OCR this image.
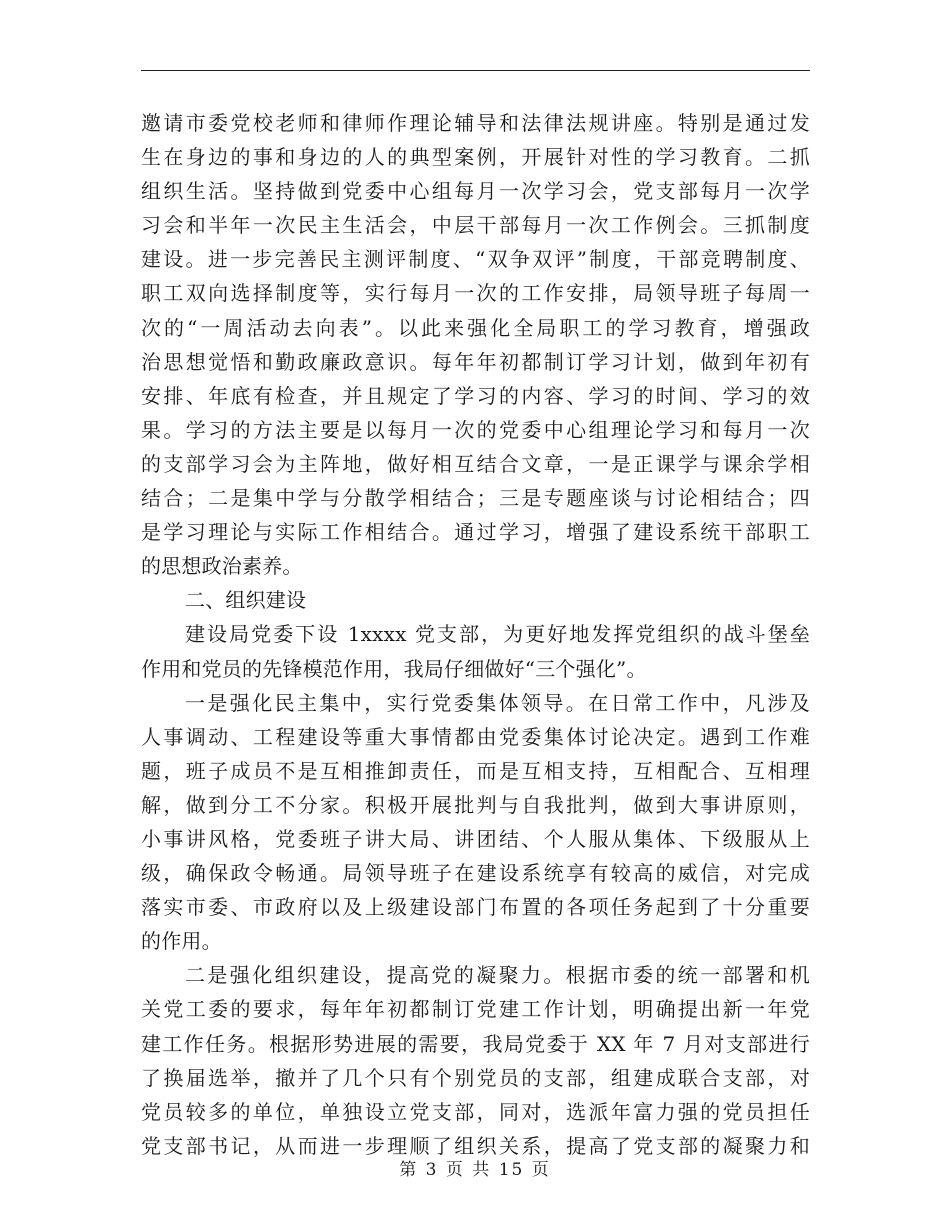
邀请市委党校老师和律师作理论辅导和法律法规讲座。特别是通过发
生在身边的事和身边的人的典型案例，开展针对性的学习教育。二抓
组织生活。坚持做到党委中心组每月一次学习会，党支部每月一次学
习会和半年一次民主生活会，中层干部每月一次工作例会。三抓制度
建设。进一步完善民主测评制度、“双争双评”制度，干部竞聘制度、
职工双向选择制度等，实行每月一次的工作安排，局领导班子每周一
次的“一周活动去向表”。以此来强化全局职工的学习教育，增强政
治思想觉悟和勤政廉政意识。每年年初都制订学习计划，做到年初有
安排、年底有检查，并且规定了学习的内容、学习的时间、学习的效
果。学习的方法主要是以每月一次的党委中心组理论学习和每月一次
的支部学习会为主阵地，做好相互结合文章，一是正课学与课余学相
结合；二是集中学与分散学相结合；三是专题座谈与讨论相结合；四
是学习理论与实际工作相结合。通过学习，增强了建设系统干部职工
的思想政治素养。
二、组织建设
建设局党委下设 1xxxx 党支部，为更好地发挥党组织的战斗堡垒
作用和党员的先锋模范作用，我局仔细做好“三个强化”。
一是强化民主集中，实行党委集体领导。在日常工作中，凡涉及
人事调动、工程建设等重大事情都由党委集体讨论决定。遇到工作难
题，班子成员不是互相推卸责任，而是互相支持，互相配合、互相理
解，做到分工不分家。积极开展批判与自我批判，做到大事讲原则，
小事讲风格，党委班子讲大局、讲团结、个人服从集体、下级服从上
级，确保政令畅通。局领导班子在建设系统享有较高的威信，对完成
落实市委、市政府以及上级建设部门布置的各项任务起到了十分重要
的作用。
二是强化组织建设，提高党的凝聚力。根据市委的统一部署和机
关党工委的要求，每年年初都制订党建工作计划，明确提出新一年党
建工作任务。根据形势进展的需要，我局党委于 XX 年 7 月对支部进行
了换届选举，撤并了几个只有个别党员的支部，组建成联合支部，对
党员较多的单位，单独设立党支部，同对，选派年富力强的党员担任
党支部书记，从而进一步理顺了组织关系，提高了党支部的凝聚力和
第 3 页 共 15 页
